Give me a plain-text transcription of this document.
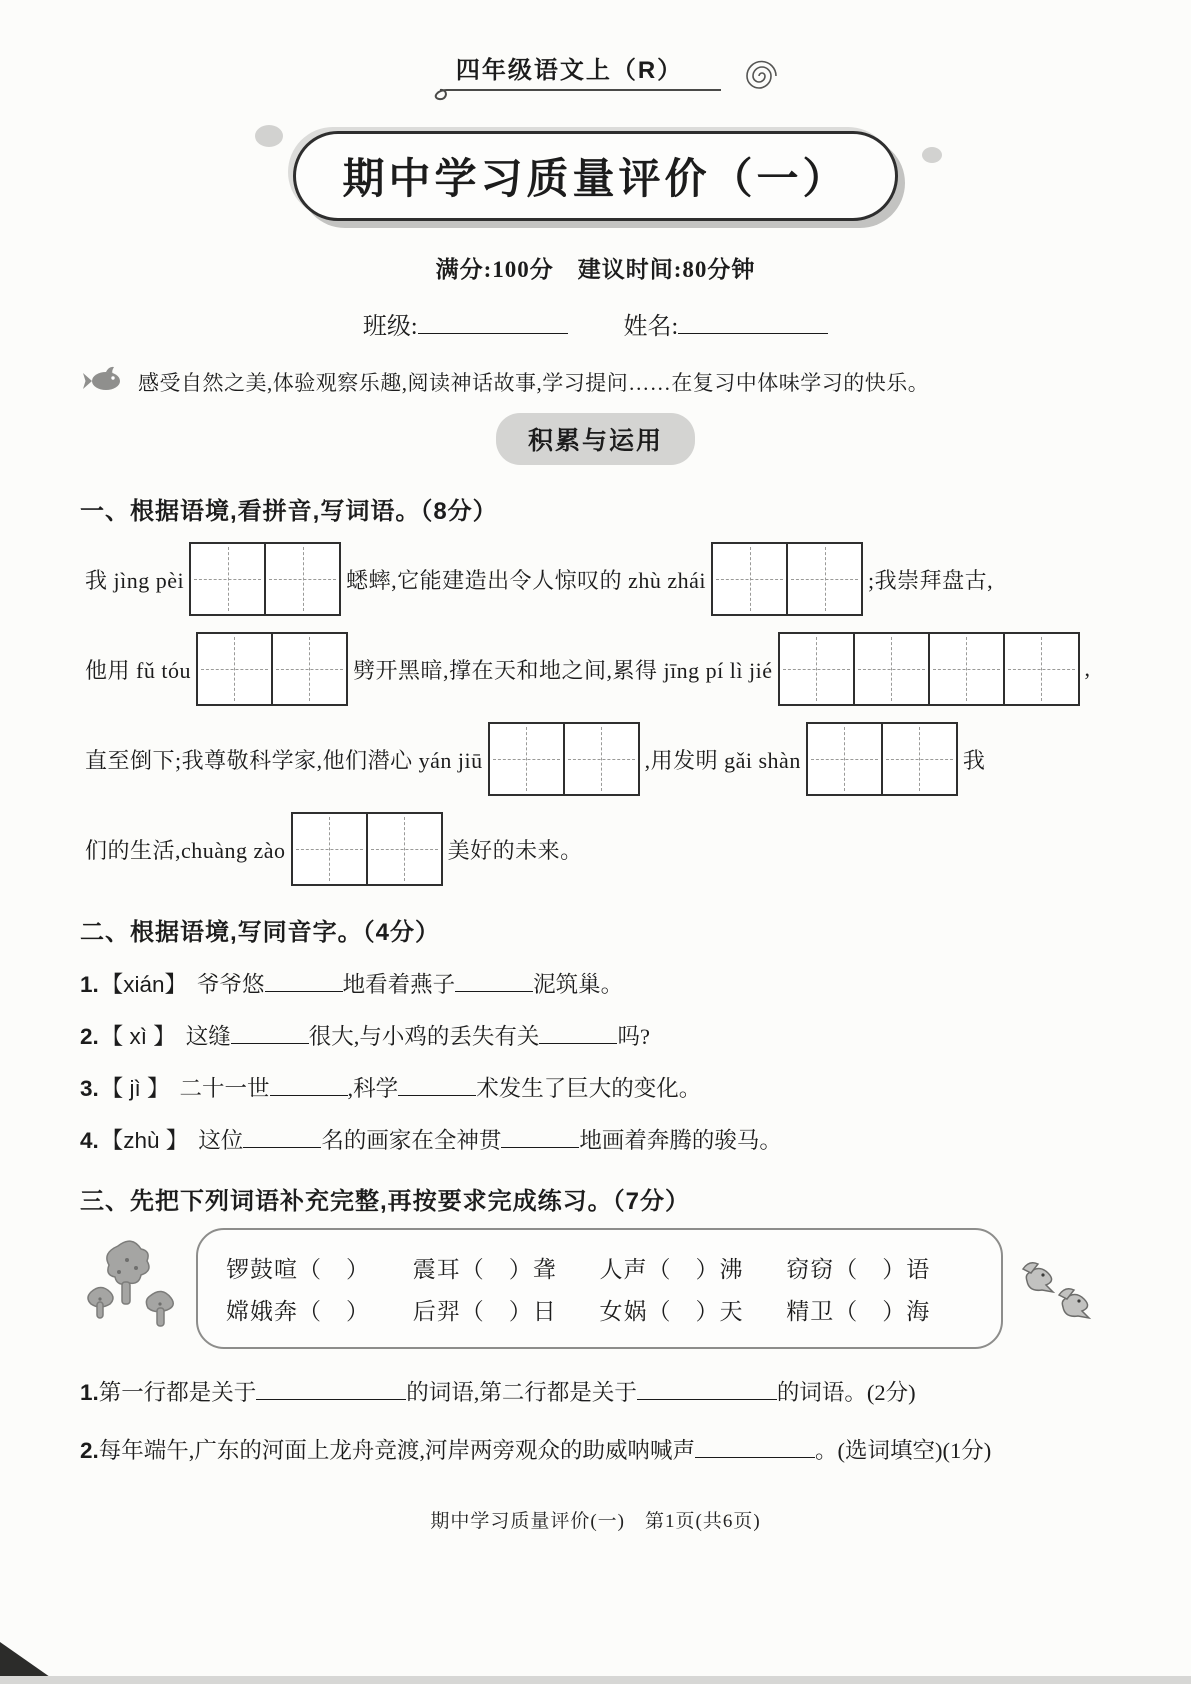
四年级语文上（R）
期中学习质量评价（一）
满分:100分　建议时间:80分钟
班级:	姓名:
感受自然之美,体验观察乐趣,阅读神话故事,学习提问……在复习中体味学习的快乐。
积累与运用
一、根据语境,看拼音,写词语。（8分）
我 jìng pèi	蟋蟀,它能建造出令人惊叹的 zhù zhái	;我崇拜盘古,
他用 fǔ tóu	劈开黑暗,撑在天和地之间,累得 jīng pí lì jié	,
直至倒下;我尊敬科学家,他们潜心 yán jiū	,用发明 gǎi shàn	我
们的生活,chuàng zào	美好的未来。
二、根据语境,写同音字。（4分）
1. 【xián】 爷爷悠	地看着燕子	泥筑巢。
2. 【 xì 】 这缝	很大,与小鸡的丢失有关	吗?
3. 【 jì 】 二十一世	,科学	术发生了巨大的变化。
4. 【zhù 】 这位	名的画家在全神贯	地画着奔腾的骏马。
三、先把下列词语补充完整,再按要求完成练习。（7分）
锣鼓喧（　）	震耳（　）聋	人声（　）沸	窃窃（　）语
嫦娥奔（　）	后羿（　）日	女娲（　）天	精卫（　）海
1. 第一行都是关于	的词语,第二行都是关于	的词语。(2分)
2. 每年端午,广东的河面上龙舟竞渡,河岸两旁观众的助威呐喊声	。(选词填空)(1分)
期中学习质量评价(一)　第1页(共6页)
